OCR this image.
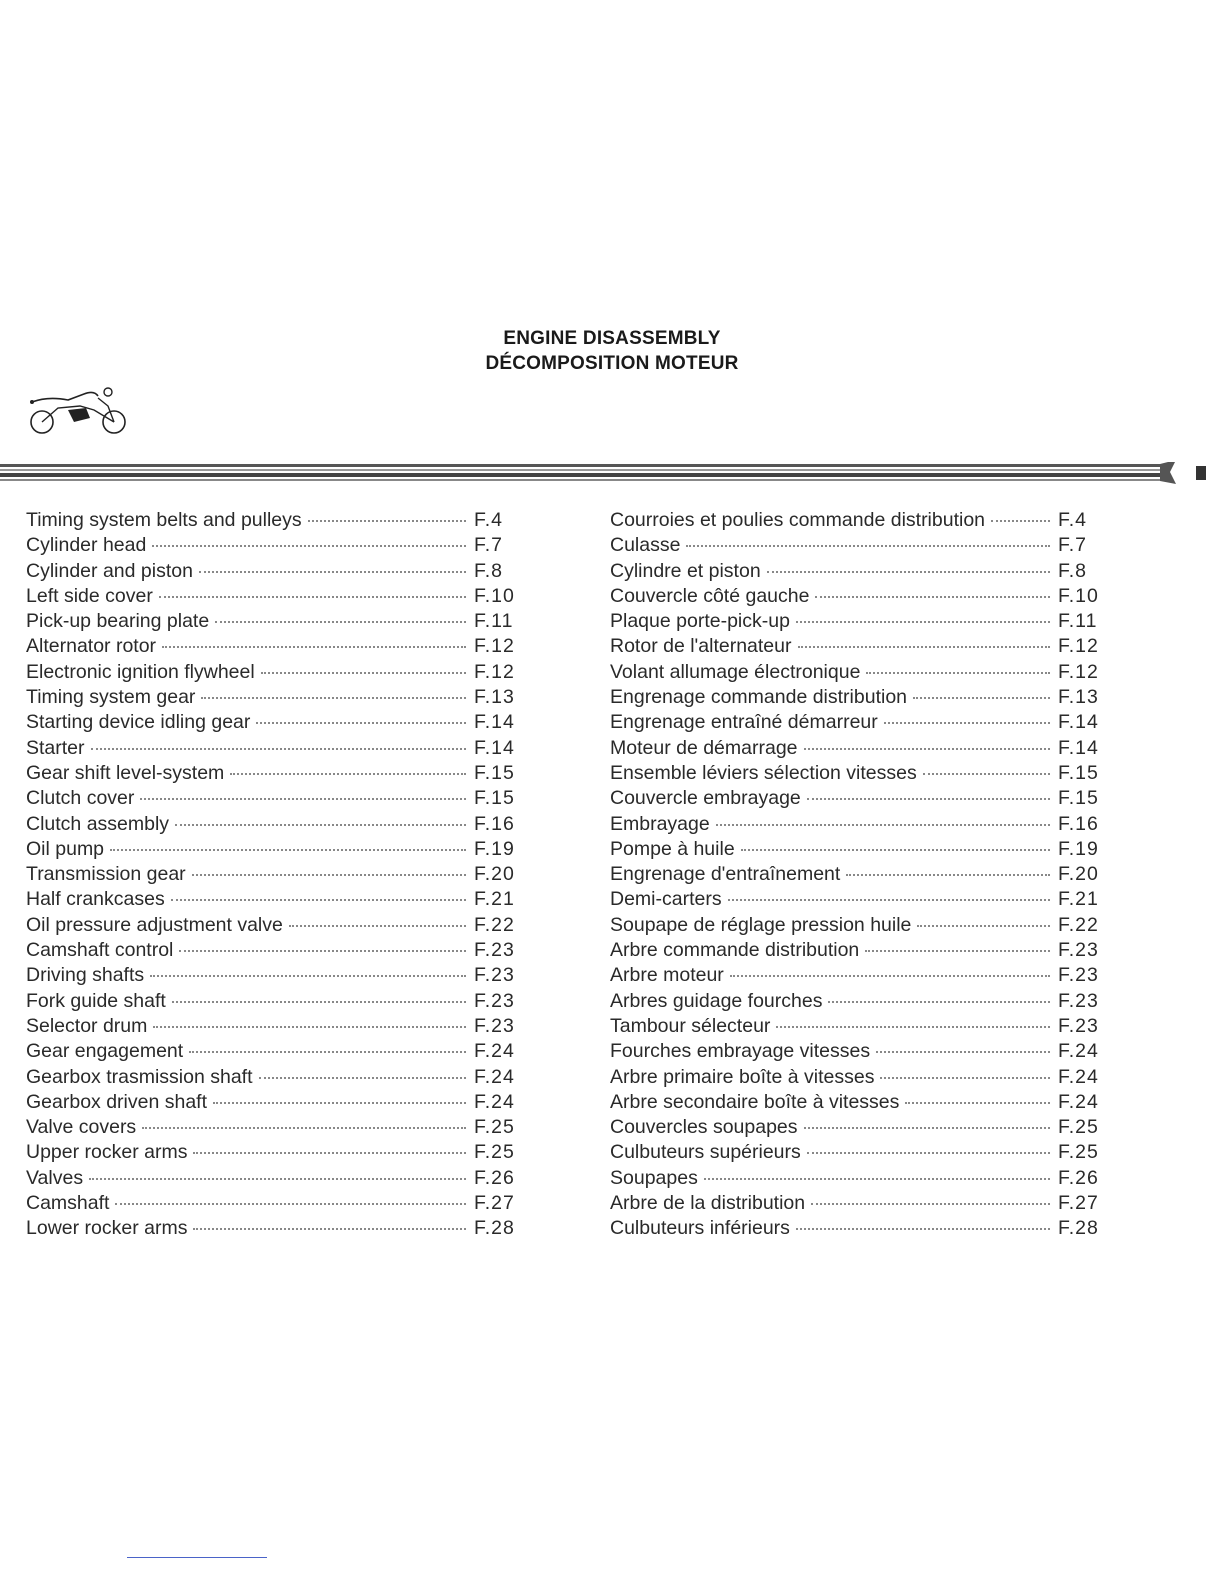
ENGINE DISASSEMBLY
DÉCOMPOSITION MOTEUR
Timing system belts and pulleys	F.4
Cylinder head	F.7
Cylinder and piston	F.8
Left side cover	F.10
Pick-up bearing plate	F.11
Alternator rotor	F.12
Electronic ignition flywheel	F.12
Timing system gear	F.13
Starting device idling gear	F.14
Starter	F.14
Gear shift level-system	F.15
Clutch cover	F.15
Clutch assembly	F.16
Oil pump	F.19
Transmission gear	F.20
Half crankcases	F.21
Oil pressure adjustment valve	F.22
Camshaft control	F.23
Driving shafts	F.23
Fork guide shaft	F.23
Selector drum	F.23
Gear engagement	F.24
Gearbox trasmission shaft	F.24
Gearbox driven shaft	F.24
Valve covers	F.25
Upper rocker arms	F.25
Valves	F.26
Camshaft	F.27
Lower rocker arms	F.28
Courroies et poulies commande distribution	F.4
Culasse	F.7
Cylindre et piston	F.8
Couvercle côté gauche	F.10
Plaque porte-pick-up	F.11
Rotor de l'alternateur	F.12
Volant allumage électronique	F.12
Engrenage commande distribution	F.13
Engrenage entraîné démarreur	F.14
Moteur de démarrage	F.14
Ensemble léviers sélection vitesses	F.15
Couvercle embrayage	F.15
Embrayage	F.16
Pompe à huile	F.19
Engrenage d'entraînement	F.20
Demi-carters	F.21
Soupape de réglage pression huile	F.22
Arbre commande distribution	F.23
Arbre moteur	F.23
Arbres guidage fourches	F.23
Tambour sélecteur	F.23
Fourches embrayage vitesses	F.24
Arbre primaire boîte à vitesses	F.24
Arbre secondaire boîte à vitesses	F.24
Couvercles soupapes	F.25
Culbuteurs supérieurs	F.25
Soupapes	F.26
Arbre de la distribution	F.27
Culbuteurs inférieurs	F.28
